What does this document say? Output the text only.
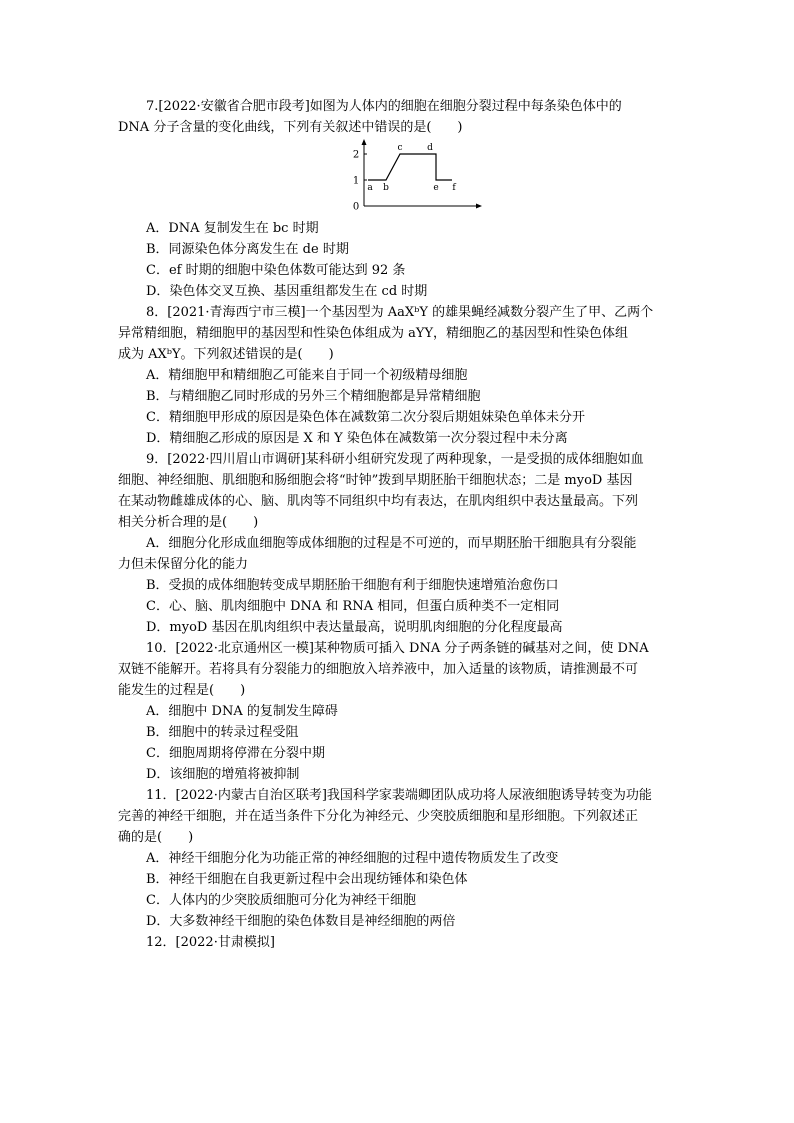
7.[2022·安徽省合肥市段考]如图为人体内的细胞在细胞分裂过程中每条染色体中的
DNA 分子含量的变化曲线，下列有关叙述中错误的是(　　)
0
1
2
a b
c	d
e f
A．DNA 复制发生在 bc 时期
B．同源染色体分离发生在 de 时期
C．ef 时期的细胞中染色体数可能达到 92 条
D．染色体交叉互换、基因重组都发生在 cd 时期
8．[2021·青海西宁市三模]一个基因型为 AaXᵇY 的雄果蝇经减数分裂产生了甲、乙两个
异常精细胞，精细胞甲的基因型和性染色体组成为 aYY，精细胞乙的基因型和性染色体组
成为 AXᵇY。下列叙述错误的是(　　)
A．精细胞甲和精细胞乙可能来自于同一个初级精母细胞
B．与精细胞乙同时形成的另外三个精细胞都是异常精细胞
C．精细胞甲形成的原因是染色体在减数第二次分裂后期姐妹染色单体未分开
D．精细胞乙形成的原因是 X 和 Y 染色体在减数第一次分裂过程中未分离
9．[2022·四川眉山市调研]某科研小组研究发现了两种现象，一是受损的成体细胞如血
细胞、神经细胞、肌细胞和肠细胞会将“时钟”拨到早期胚胎干细胞状态；二是 myoD 基因
在某动物雌雄成体的心、脑、肌肉等不同组织中均有表达，在肌肉组织中表达量最高。下列
相关分析合理的是(　　)
A．细胞分化形成血细胞等成体细胞的过程是不可逆的，而早期胚胎干细胞具有分裂能
力但未保留分化的能力
B．受损的成体细胞转变成早期胚胎干细胞有利于细胞快速增殖治愈伤口
C．心、脑、肌肉细胞中 DNA 和 RNA 相同，但蛋白质种类不一定相同
D．myoD 基因在肌肉组织中表达量最高，说明肌肉细胞的分化程度最高
10．[2022·北京通州区一模]某种物质可插入 DNA 分子两条链的碱基对之间，使 DNA
双链不能解开。若将具有分裂能力的细胞放入培养液中，加入适量的该物质，请推测最不可
能发生的过程是(　　)
A．细胞中 DNA 的复制发生障碍
B．细胞中的转录过程受阻
C．细胞周期将停滞在分裂中期
D．该细胞的增殖将被抑制
11．[2022·内蒙古自治区联考]我国科学家裴端卿团队成功将人尿液细胞诱导转变为功能
完善的神经干细胞，并在适当条件下分化为神经元、少突胶质细胞和星形细胞。下列叙述正
确的是(　　)
A．神经干细胞分化为功能正常的神经细胞的过程中遗传物质发生了改变
B．神经干细胞在自我更新过程中会出现纺锤体和染色体
C．人体内的少突胶质细胞可分化为神经干细胞
D．大多数神经干细胞的染色体数目是神经细胞的两倍
12．[2022·甘肃模拟]
